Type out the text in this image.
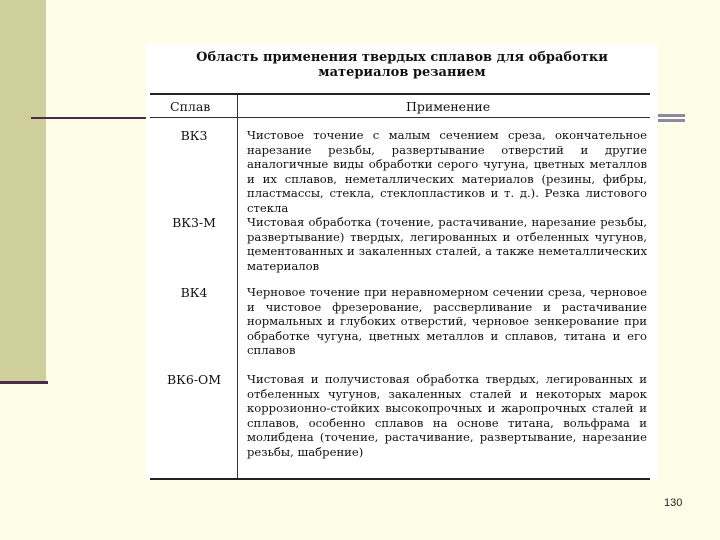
Область применения твердых сплавов для обработки
материалов резанием
Сплав	Применение
ВК3	Чистовое точение с малым сечением среза, окончательное нарезание резьбы, развертывание отверстий и другие аналогичные виды обработки серого чугуна, цветных металлов и их сплавов, неметаллических материалов (резины, фибры, пластмассы, стекла, стеклопластиков и т. д.). Резка листового стекла
ВК3-М	Чистовая обработка (точение, растачивание, нарезание резьбы, развертывание) твердых, легированных и отбеленных чугунов, цементованных и закаленных сталей, а также неметаллических материалов
ВК4	Черновое точение при неравномерном сечении среза, черновое и чистовое фрезерование, рассверливание и растачивание нормальных и глубоких отверстий, черновое зенкерование при обработке чугуна, цветных металлов и сплавов, титана и его сплавов
ВК6-ОМ	Чистовая и получистовая обработка твердых, легированных и отбеленных чугунов, закаленных сталей и некоторых марок коррозионно-стойких высокопрочных и жаропрочных сталей и сплавов, особенно сплавов на основе титана, вольфрама и молибдена (точение, растачивание, развертывание, нарезание резьбы, шабрение)
130
